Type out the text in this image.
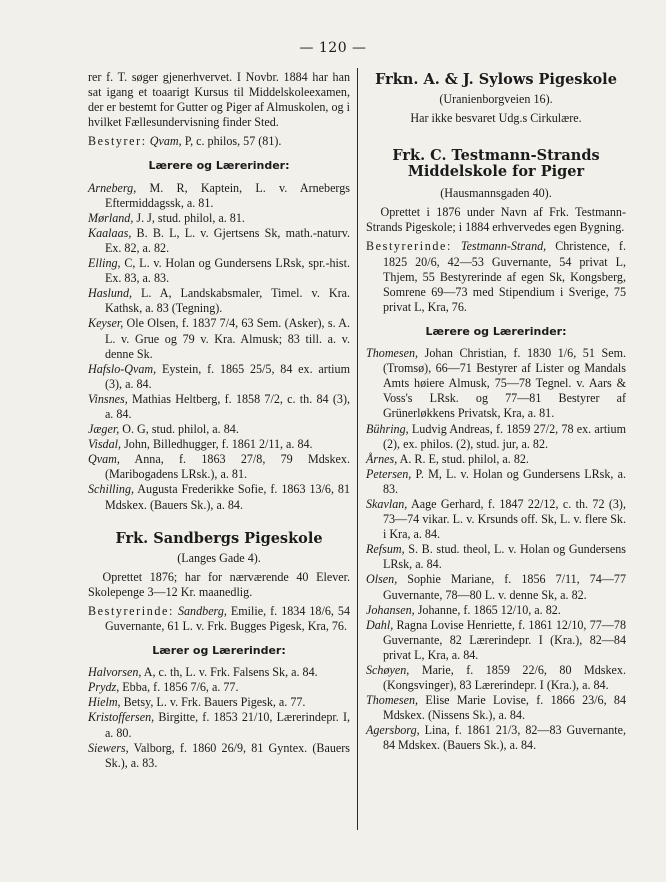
— 120 —

rer f. T. søger gjenerhvervet. I Novbr. 1884 har han sat igang et toaarigt Kursus til Middelskoleexamen, der er bestemt for Gutter og Piger af Almuskolen, og i hvilket Fællesundervisning finder Sted.

Bestyrer: Qvam, P, c. philos, 57 (81).

Lærere og Lærerinder:

Arneberg, M. R, Kaptein, L. v. Arnebergs Eftermiddagssk, a. 81.

Mørland, J. J, stud. philol, a. 81.

Kaalaas, B. B. L, L. v. Gjertsens Sk, math.-naturv. Ex. 82, a. 82.

Elling, C, L. v. Holan og Gundersens LRsk, spr.-hist. Ex. 83, a. 83.

Haslund, L. A, Landskabsmaler, Timel. v. Kra. Kathsk, a. 83 (Tegning).

Keyser, Ole Olsen, f. 1837 7/4, 63 Sem. (Asker), s. A. L. v. Grue og 79 v. Kra. Almusk; 83 till. a. v. denne Sk.

Hafslo-Qvam, Eystein, f. 1865 25/5, 84 ex. artium (3), a. 84.

Vinsnes, Mathias Heltberg, f. 1858 7/2, c. th. 84 (3), a. 84.

Jæger, O. G, stud. philol, a. 84.

Visdal, John, Billedhugger, f. 1861 2/11, a. 84.

Qvam, Anna, f. 1863 27/8, 79 Mdskex. (Maribogadens LRsk.), a. 81.

Schilling, Augusta Frederikke Sofie, f. 1863 13/6, 81 Mdskex. (Bauers Sk.), a. 84.

Frk. Sandbergs Pigeskole
(Langes Gade 4).

Oprettet 1876; har for nærværende 40 Elever. Skolepenge 3—12 Kr. maanedlig.

Bestyrerinde: Sandberg, Emilie, f. 1834 18/6, 54 Guvernante, 61 L. v. Frk. Bugges Pigesk, Kra, 76.

Lærer og Lærerinder:

Halvorsen, A, c. th, L. v. Frk. Falsens Sk, a. 84.

Prydz, Ebba, f. 1856 7/6, a. 77.

Hielm, Betsy, L. v. Frk. Bauers Pigesk, a. 77.

Kristoffersen, Birgitte, f. 1853 21/10, Lærerindepr. I, a. 80.

Siewers, Valborg, f. 1860 26/9, 81 Gyntex. (Bauers Sk.), a. 83.

Frkn. A. & J. Sylows Pigeskole
(Uranienborgveien 16).

Har ikke besvaret Udg.s Cirkulære.

Frk. C. Testmann-Strands Middelskole for Piger
(Hausmannsgaden 40).

Oprettet i 1876 under Navn af Frk. Testmann-Strands Pigeskole; i 1884 erhvervedes egen Bygning.

Bestyrerinde: Testmann-Strand, Christence, f. 1825 20/6, 42—53 Guvernante, 54 privat L, Thjem, 55 Bestyrerinde af egen Sk, Kongsberg, Somrene 69—73 med Stipendium i Sverige, 75 privat L, Kra, 76.

Lærere og Lærerinder:

Thomesen, Johan Christian, f. 1830 1/6, 51 Sem. (Tromsø), 66—71 Bestyrer af Lister og Mandals Amts høiere Almusk, 75—78 Tegnel. v. Aars & Voss's LRsk. og 77—81 Bestyrer af Grünerløkkens Privatsk, Kra, a. 81.

Bühring, Ludvig Andreas, f. 1859 27/2, 78 ex. artium (2), ex. philos. (2), stud. jur, a. 82.

Årnes, A. R. E, stud. philol, a. 82.

Petersen, P. M, L. v. Holan og Gundersens LRsk, a. 83.

Skavlan, Aage Gerhard, f. 1847 22/12, c. th. 72 (3), 73—74 vikar. L. v. Krsunds off. Sk, L. v. flere Sk. i Kra, a. 84.

Refsum, S. B. stud. theol, L. v. Holan og Gundersens LRsk, a. 84.

Olsen, Sophie Mariane, f. 1856 7/11, 74—77 Guvernante, 78—80 L. v. denne Sk, a. 82.

Johansen, Johanne, f. 1865 12/10, a. 82.

Dahl, Ragna Lovise Henriette, f. 1861 12/10, 77—78 Guvernante, 82 Lærerindepr. I (Kra.), 82—84 privat L, Kra, a. 84.

Schøyen, Marie, f. 1859 22/6, 80 Mdskex. (Kongsvinger), 83 Lærerindepr. I (Kra.), a. 84.

Thomesen, Elise Marie Lovise, f. 1866 23/6, 84 Mdskex. (Nissens Sk.), a. 84.

Agersborg, Lina, f. 1861 21/3, 82—83 Guvernante, 84 Mdskex. (Bauers Sk.), a. 84.
